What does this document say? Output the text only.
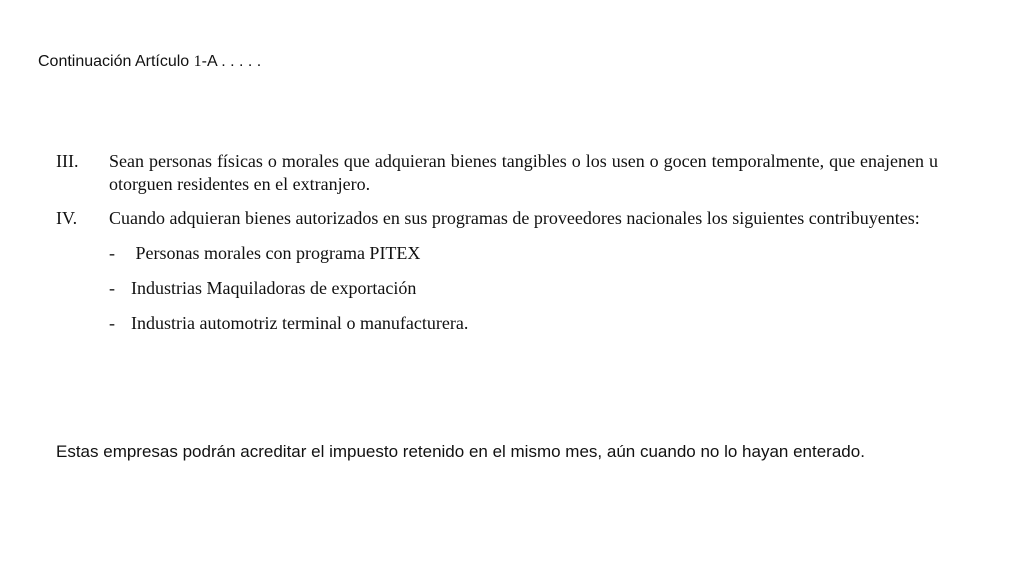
Continuación Artículo 1-A . . . . .
III. Sean personas físicas o morales que adquieran bienes tangibles o los usen o gocen temporalmente, que enajenen u otorguen residentes en el extranjero.
IV. Cuando adquieran bienes autorizados en sus programas de proveedores nacionales los siguientes contribuyentes:
- Personas morales con programa PITEX
- Industrias Maquiladoras de exportación
- Industria automotriz terminal o manufacturera.
Estas empresas podrán acreditar el impuesto retenido en el mismo mes, aún cuando no lo hayan enterado.
